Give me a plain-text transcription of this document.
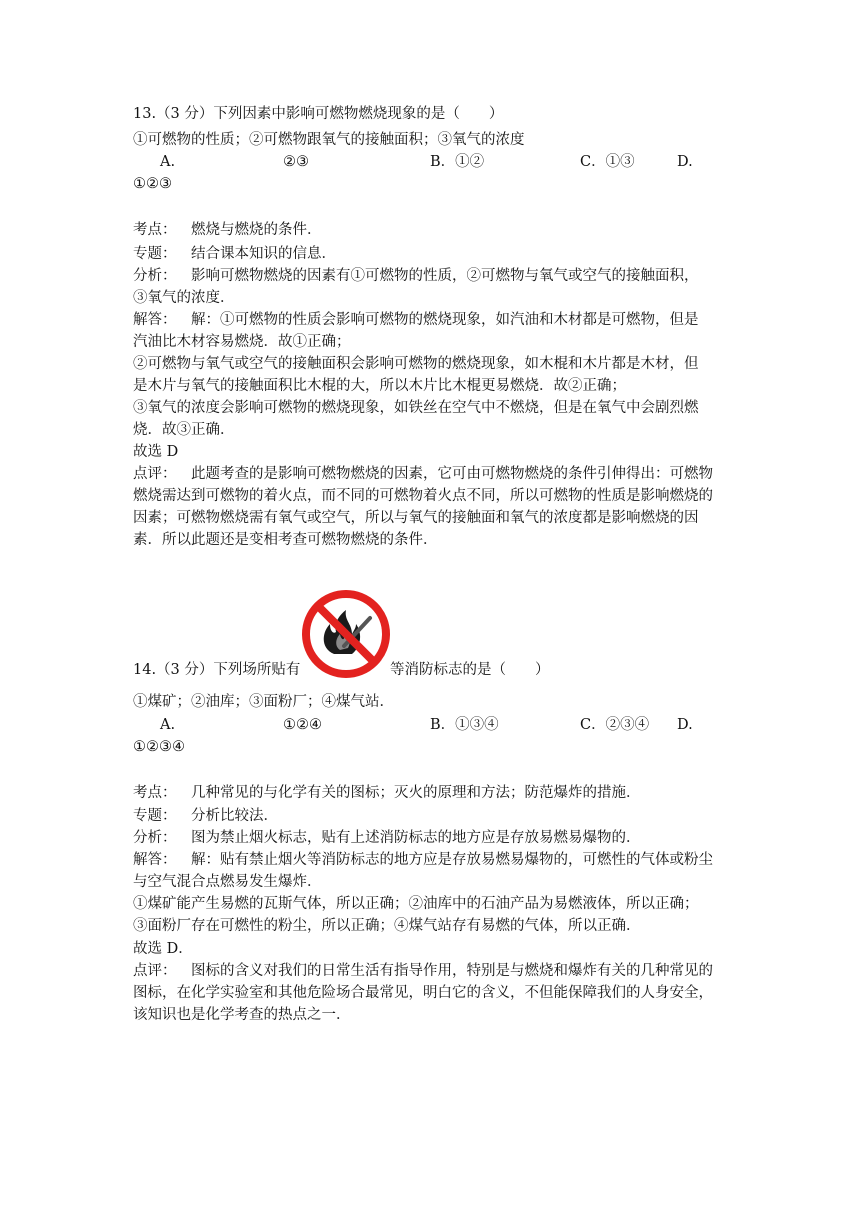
13.（3 分）下列因素中影响可燃物燃烧现象的是（　　）
①可燃物的性质；②可燃物跟氧气的接触面积；③氧气的浓度
A.	②③	B．①②	C．①③	D.
①②③
考点： 燃烧与燃烧的条件．
专题： 结合课本知识的信息．
分析： 影响可燃物燃烧的因素有①可燃物的性质，②可燃物与氧气或空气的接触面积，
③氧气的浓度．
解答： 解：①可燃物的性质会影响可燃物的燃烧现象，如汽油和木材都是可燃物，但是
汽油比木材容易燃烧．故①正确；
②可燃物与氧气或空气的接触面积会影响可燃物的燃烧现象，如木棍和木片都是木材，但
是木片与氧气的接触面积比木棍的大，所以木片比木棍更易燃烧．故②正确；
③氧气的浓度会影响可燃物的燃烧现象，如铁丝在空气中不燃烧，但是在氧气中会剧烈燃
烧．故③正确．
故选 D
点评： 此题考查的是影响可燃物燃烧的因素，它可由可燃物燃烧的条件引伸得出：可燃物
燃烧需达到可燃物的着火点，而不同的可燃物着火点不同，所以可燃物的性质是影响燃烧的
因素；可燃物燃烧需有氧气或空气，所以与氧气的接触面和氧气的浓度都是影响燃烧的因
素．所以此题还是变相考查可燃物燃烧的条件．
14.（3 分）下列场所贴有	等消防标志的是（　　）
①煤矿；②油库；③面粉厂；④煤气站．
A.	①②④	B．①③④	C．②③④ D.
①②③④
考点： 几种常见的与化学有关的图标；灭火的原理和方法；防范爆炸的措施．
专题： 分析比较法．
分析： 图为禁止烟火标志，贴有上述消防标志的地方应是存放易燃易爆物的．
解答： 解：贴有禁止烟火等消防标志的地方应是存放易燃易爆物的，可燃性的气体或粉尘
与空气混合点燃易发生爆炸．
①煤矿能产生易燃的瓦斯气体，所以正确；②油库中的石油产品为易燃液体，所以正确；
③面粉厂存在可燃性的粉尘，所以正确；④煤气站存有易燃的气体，所以正确．
故选 D．
点评： 图标的含义对我们的日常生活有指导作用，特别是与燃烧和爆炸有关的几种常见的
图标，在化学实验室和其他危险场合最常见，明白它的含义，不但能保障我们的人身安全，
该知识也是化学考查的热点之一．
